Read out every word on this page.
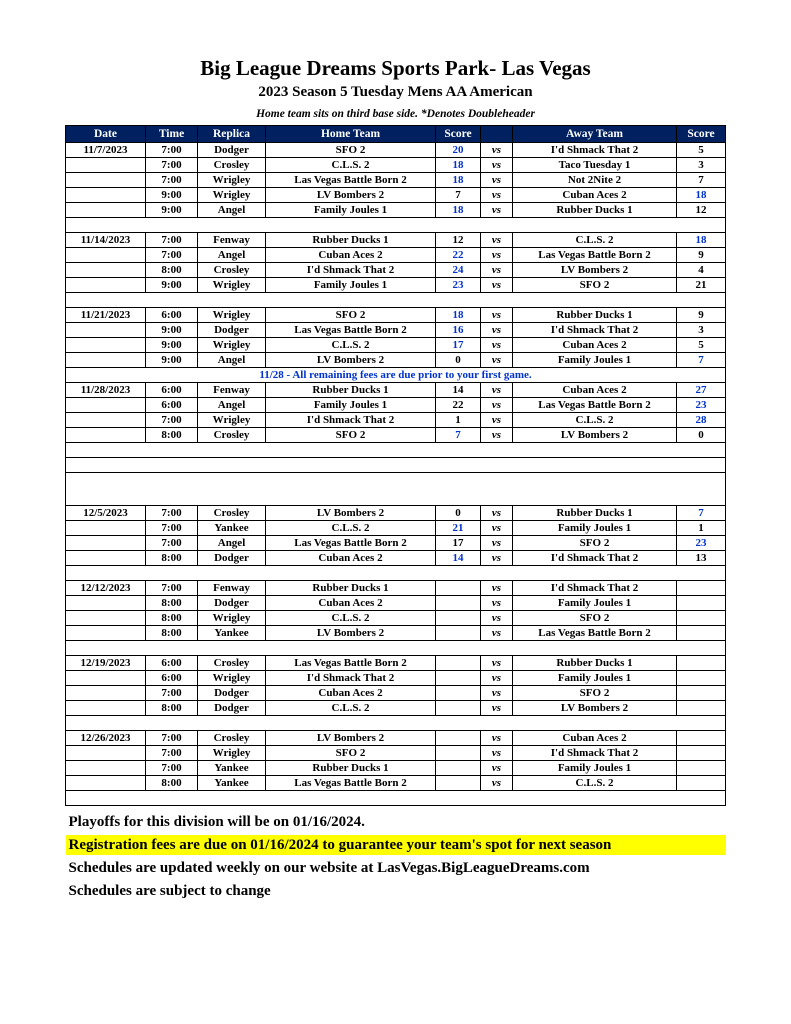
Big League Dreams Sports Park- Las Vegas
2023 Season 5 Tuesday Mens AA American
Home team sits on third base side. *Denotes Doubleheader
Date	Time	Replica	Home Team	Score		Away Team	Score
11/7/2023	7:00	Dodger	SFO 2	20	vs	I'd Shmack That 2	5
	7:00	Crosley	C.L.S. 2	18	vs	Taco Tuesday 1	3
	7:00	Wrigley	Las Vegas Battle Born 2	18	vs	Not 2Nite 2	7
	9:00	Wrigley	LV Bombers 2	7	vs	Cuban Aces 2	18
	9:00	Angel	Family Joules 1	18	vs	Rubber Ducks 1	12

11/14/2023	7:00	Fenway	Rubber Ducks 1	12	vs	C.L.S. 2	18
	7:00	Angel	Cuban Aces 2	22	vs	Las Vegas Battle Born 2	9
	8:00	Crosley	I'd Shmack That 2	24	vs	LV Bombers 2	4
	9:00	Wrigley	Family Joules 1	23	vs	SFO 2	21

11/21/2023	6:00	Wrigley	SFO 2	18	vs	Rubber Ducks 1	9
	9:00	Dodger	Las Vegas Battle Born 2	16	vs	I'd Shmack That 2	3
	9:00	Wrigley	C.L.S. 2	17	vs	Cuban Aces 2	5
	9:00	Angel	LV Bombers 2	0	vs	Family Joules 1	7

11/28 - All remaining fees are due prior to your first game.							

11/28/2023	6:00	Fenway	Rubber Ducks 1	14	vs	Cuban Aces 2	27
	6:00	Angel	Family Joules 1	22	vs	Las Vegas Battle Born 2	23
	7:00	Wrigley	I'd Shmack That 2	1	vs	C.L.S. 2	28
	8:00	Crosley	SFO 2	7	vs	LV Bombers 2	0

12/5 -Rosters are frozen after tonight, only players with their names on the signed roster are eligible for playoffs.
Please check carefully as changes will not be made for omissions.							

12/5/2023	7:00	Crosley	LV Bombers 2	0	vs	Rubber Ducks 1	7
	7:00	Yankee	C.L.S. 2	21	vs	Family Joules 1	1
	7:00	Angel	Las Vegas Battle Born 2	17	vs	SFO 2	23
	8:00	Dodger	Cuban Aces 2	14	vs	I'd Shmack That 2	13

12/12/2023	7:00	Fenway	Rubber Ducks 1		vs	I'd Shmack That 2	
	8:00	Dodger	Cuban Aces 2		vs	Family Joules 1	
	8:00	Wrigley	C.L.S. 2		vs	SFO 2	
	8:00	Yankee	LV Bombers 2		vs	Las Vegas Battle Born 2	

12/19/2023	6:00	Crosley	Las Vegas Battle Born 2		vs	Rubber Ducks 1	
	6:00	Wrigley	I'd Shmack That 2		vs	Family Joules 1	
	7:00	Dodger	Cuban Aces 2		vs	SFO 2	
	8:00	Dodger	C.L.S. 2		vs	LV Bombers 2	

12/26/2023	7:00	Crosley	LV Bombers 2		vs	Cuban Aces 2	
	7:00	Wrigley	SFO 2		vs	I'd Shmack That 2	
	7:00	Yankee	Rubber Ducks 1		vs	Family Joules 1	
	8:00	Yankee	Las Vegas Battle Born 2		vs	C.L.S. 2	

Playoffs for this division will be on 01/16/2024.
Registration fees are due on 01/16/2024 to guarantee your team's spot for next season
Schedules are updated weekly on our website at LasVegas.BigLeagueDreams.com
Schedules are subject to change
